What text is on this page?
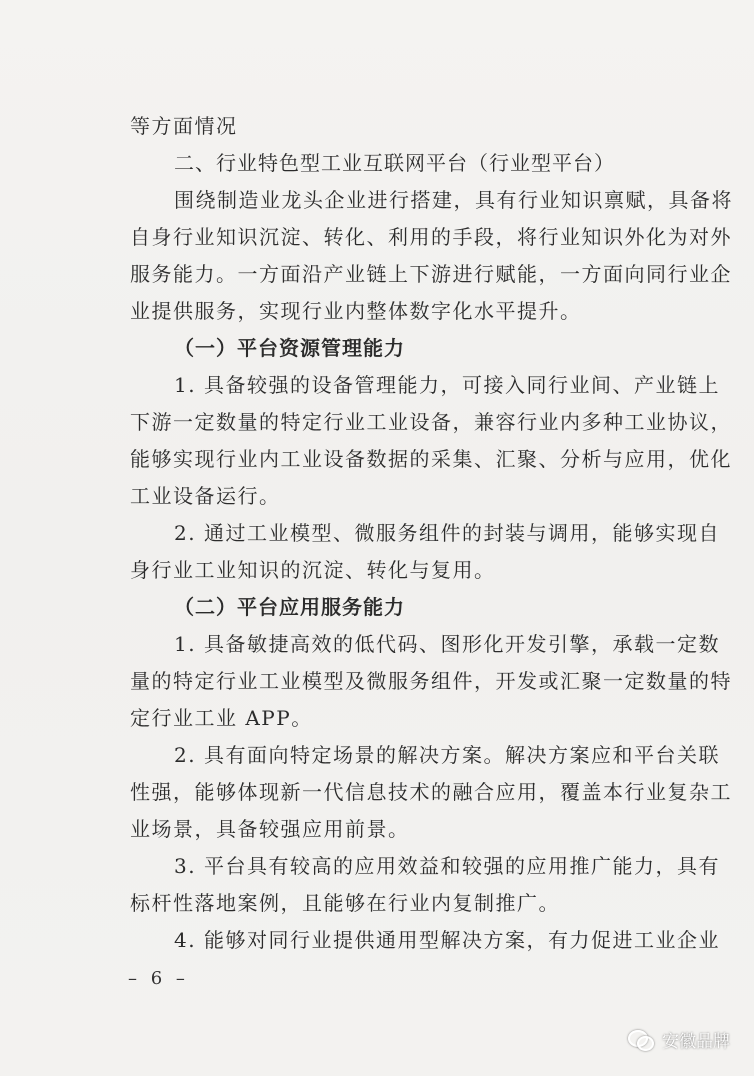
等方面情况
二、行业特色型工业互联网平台（行业型平台）
围绕制造业龙头企业进行搭建，具有行业知识禀赋，具备将
自身行业知识沉淀、转化、利用的手段，将行业知识外化为对外
服务能力。一方面沿产业链上下游进行赋能，一方面向同行业企
业提供服务，实现行业内整体数字化水平提升。
（一）平台资源管理能力
1. 具备较强的设备管理能力，可接入同行业间、产业链上
下游一定数量的特定行业工业设备，兼容行业内多种工业协议，
能够实现行业内工业设备数据的采集、汇聚、分析与应用，优化
工业设备运行。
2. 通过工业模型、微服务组件的封装与调用，能够实现自
身行业工业知识的沉淀、转化与复用。
（二）平台应用服务能力
1. 具备敏捷高效的低代码、图形化开发引擎，承载一定数
量的特定行业工业模型及微服务组件，开发或汇聚一定数量的特
定行业工业 APP。
2. 具有面向特定场景的解决方案。解决方案应和平台关联
性强，能够体现新一代信息技术的融合应用，覆盖本行业复杂工
业场景，具备较强应用前景。
3. 平台具有较高的应用效益和较强的应用推广能力，具有
标杆性落地案例，且能够在行业内复制推广。
4. 能够对同行业提供通用型解决方案，有力促进工业企业
– 6 –
安徽品牌
